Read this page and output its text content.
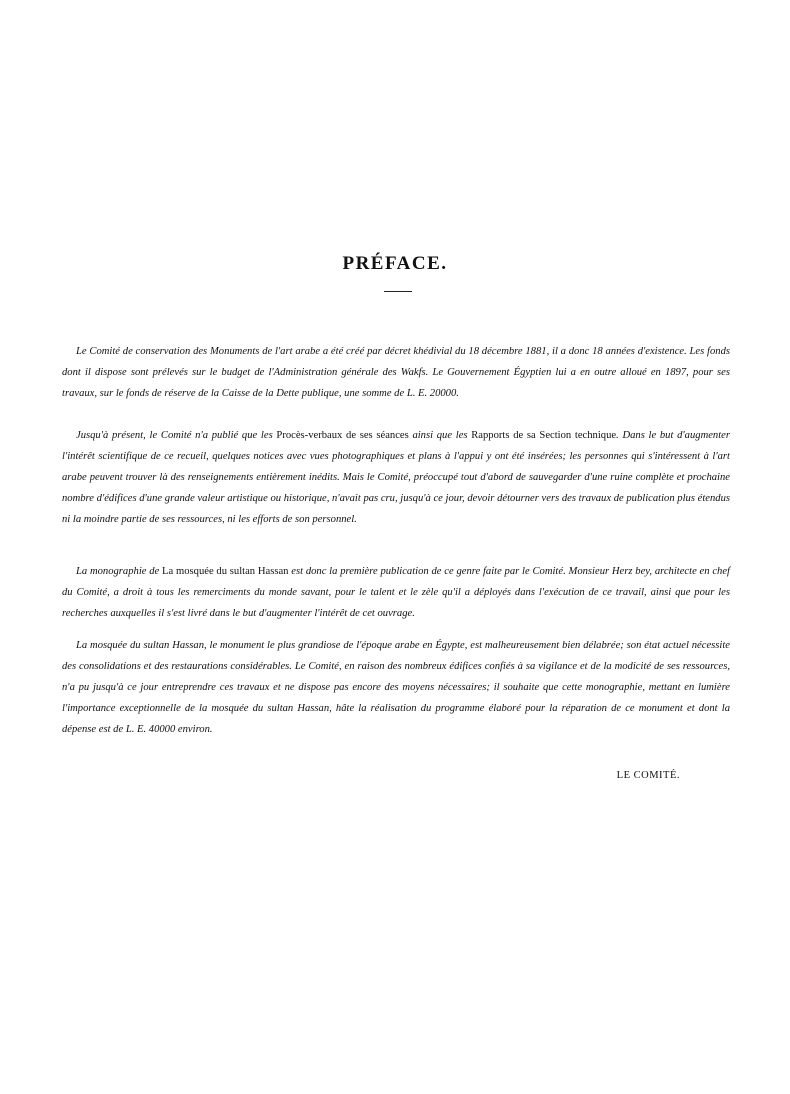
PRÉFACE.

Le Comité de conservation des Monuments de l'art arabe a été créé par décret khédivial du 18 décembre 1881, il a donc 18 années d'existence. Les fonds dont il dispose sont prélevés sur le budget de l'Administration générale des Wakfs. Le Gouvernement Égyptien lui a en outre alloué en 1897, pour ses travaux, sur le fonds de réserve de la Caisse de la Dette publique, une somme de L. E. 20000.

Jusqu'à présent, le Comité n'a publié que les Procès-verbaux de ses séances ainsi que les Rapports de sa Section technique. Dans le but d'augmenter l'intérêt scientifique de ce recueil, quelques notices avec vues photographiques et plans à l'appui y ont été insérées; les personnes qui s'intéressent à l'art arabe peuvent trouver là des renseignements entièrement inédits. Mais le Comité, préoccupé tout d'abord de sauvegarder d'une ruine complète et prochaine nombre d'édifices d'une grande valeur artistique ou historique, n'avait pas cru, jusqu'à ce jour, devoir détourner vers des travaux de publication plus étendus ni la moindre partie de ses ressources, ni les efforts de son personnel.

La monographie de La mosquée du sultan Hassan est donc la première publication de ce genre faite par le Comité. Monsieur Herz bey, architecte en chef du Comité, a droit à tous les remerciments du monde savant, pour le talent et le zèle qu'il a déployés dans l'exécution de ce travail, ainsi que pour les recherches auxquelles il s'est livré dans le but d'augmenter l'intérêt de cet ouvrage.

La mosquée du sultan Hassan, le monument le plus grandiose de l'époque arabe en Égypte, est malheureusement bien délabrée; son état actuel nécessite des consolidations et des restaurations considérables. Le Comité, en raison des nombreux édifices confiés à sa vigilance et de la modicité de ses ressources, n'a pu jusqu'à ce jour entreprendre ces travaux et ne dispose pas encore des moyens nécessaires; il souhaite que cette monographie, mettant en lumière l'importance exceptionnelle de la mosquée du sultan Hassan, hâte la réalisation du programme élaboré pour la réparation de ce monument et dont la dépense est de L. E. 40000 environ.

LE COMITÉ.
